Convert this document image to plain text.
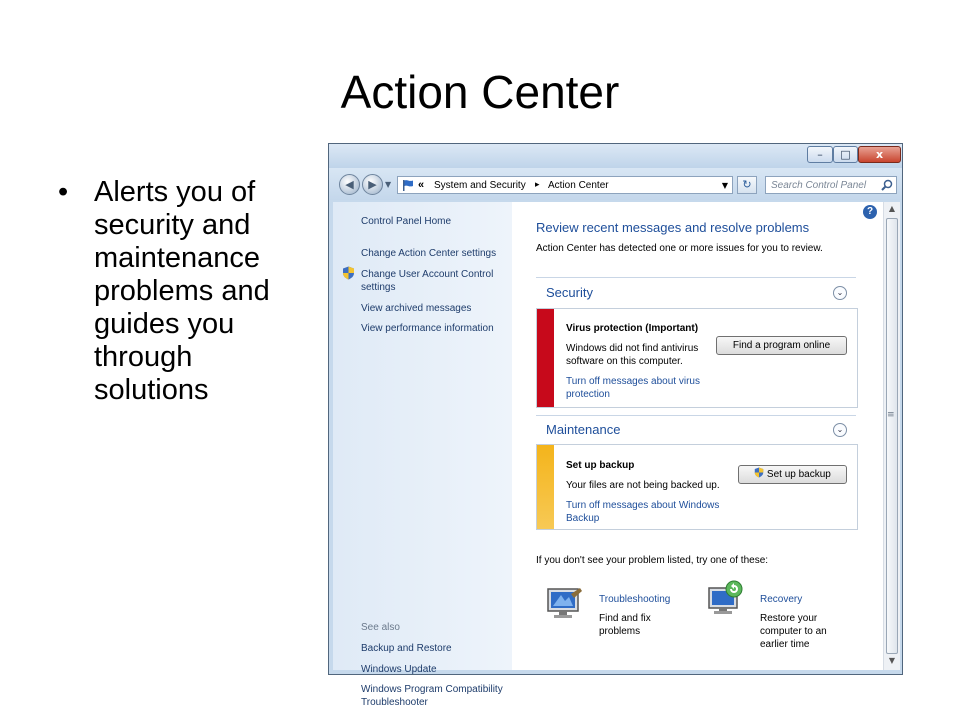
Action Center
• Alerts you of security and maintenance problems and guides you through solutions
–	□	x
◀	▶	▼ « System and Security ▸ Action Center	▼	↻	Search Control Panel
Control Panel Home
Change Action Center settings
Change User Account Control settings
View archived messages
View performance information
See also
Backup and Restore
Windows Update
Windows Program Compatibility Troubleshooter
?
Review recent messages and resolve problems
Action Center has detected one or more issues for you to review.
Security	⌄
Virus protection (Important)
Windows did not find antivirus software on this computer.
Turn off messages about virus protection
Find a program online
Maintenance	⌄
Set up backup
Your files are not being backed up.
Turn off messages about Windows Backup
Set up backup
If you don't see your problem listed, try one of these:
Troubleshooting
Find and fix problems
Recovery
Restore your computer to an earlier time
▲
≡
▼
